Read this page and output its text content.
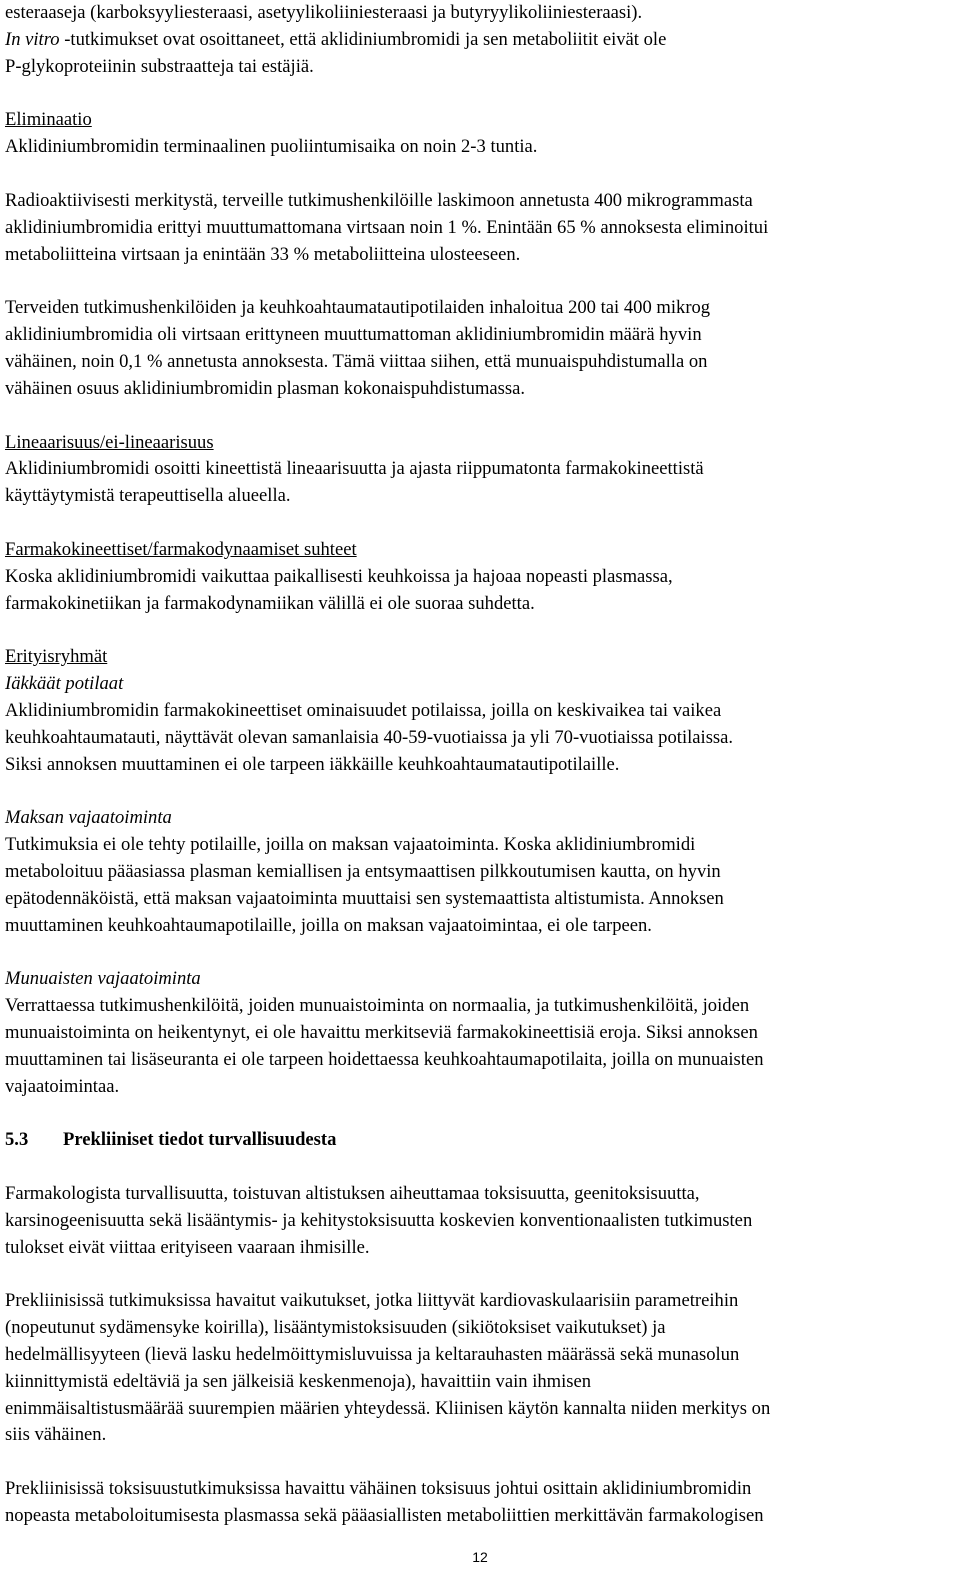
esteraaseja (karboksyyliesteraasi, asetyylikoliiniesteraasi ja butyryylikoliiniesteraasi).

In vitro -tutkimukset ovat osoittaneet, että aklidiniumbromidi ja sen metaboliitit eivät ole

P-glykoproteiinin substraatteja tai estäjiä.

Eliminaatio

Aklidiniumbromidin terminaalinen puoliintumisaika on noin 2-3 tuntia.

Radioaktiivisesti merkitystä, terveille tutkimushenkilöille laskimoon annetusta 400 mikrogrammasta

aklidiniumbromidia erittyi muuttumattomana virtsaan noin 1 %. Enintään 65 % annoksesta eliminoitui

metaboliitteina virtsaan ja enintään 33 % metaboliitteina ulosteeseen.

Terveiden tutkimushenkilöiden ja keuhkoahtaumatautipotilaiden inhaloitua 200 tai 400 mikrog

aklidiniumbromidia oli virtsaan erittyneen muuttumattoman aklidiniumbromidin määrä hyvin

vähäinen, noin 0,1 % annetusta annoksesta. Tämä viittaa siihen, että munuaispuhdistumalla on

vähäinen osuus aklidiniumbromidin plasman kokonaispuhdistumassa.

Lineaarisuus/ei-lineaarisuus

Aklidiniumbromidi osoitti kineettistä lineaarisuutta ja ajasta riippumatonta farmakokineettistä

käyttäytymistä terapeuttisella alueella.

Farmakokineettiset/farmakodynaamiset suhteet

Koska aklidiniumbromidi vaikuttaa paikallisesti keuhkoissa ja hajoaa nopeasti plasmassa,

farmakokinetiikan ja farmakodynamiikan välillä ei ole suoraa suhdetta.

Erityisryhmät

Iäkkäät potilaat

Aklidiniumbromidin farmakokineettiset ominaisuudet potilaissa, joilla on keskivaikea tai vaikea

keuhkoahtaumatauti, näyttävät olevan samanlaisia 40-59-vuotiaissa ja yli 70-vuotiaissa potilaissa.

Siksi annoksen muuttaminen ei ole tarpeen iäkkäille keuhkoahtaumatautipotilaille.

Maksan vajaatoiminta

Tutkimuksia ei ole tehty potilaille, joilla on maksan vajaatoiminta. Koska aklidiniumbromidi

metaboloituu pääasiassa plasman kemiallisen ja entsymaattisen pilkkoutumisen kautta, on hyvin

epätodennäköistä, että maksan vajaatoiminta muuttaisi sen systemaattista altistumista. Annoksen

muuttaminen keuhkoahtaumapotilaille, joilla on maksan vajaatoimintaa, ei ole tarpeen.

Munuaisten vajaatoiminta

Verrattaessa tutkimushenkilöitä, joiden munuaistoiminta on normaalia, ja tutkimushenkilöitä, joiden

munuaistoiminta on heikentynyt, ei ole havaittu merkitseviä farmakokineettisiä eroja. Siksi annoksen

muuttaminen tai lisäseuranta ei ole tarpeen hoidettaessa keuhkoahtaumapotilaita, joilla on munuaisten

vajaatoimintaa.

5.3 Prekliiniset tiedot turvallisuudesta

Farmakologista turvallisuutta, toistuvan altistuksen aiheuttamaa toksisuutta, geenitoksisuutta,

karsinogeenisuutta sekä lisääntymis- ja kehitystoksisuutta koskevien konventionaalisten tutkimusten

tulokset eivät viittaa erityiseen vaaraan ihmisille.

Prekliinisissä tutkimuksissa havaitut vaikutukset, jotka liittyvät kardiovaskulaarisiin parametreihin

(nopeutunut sydämensyke koirilla), lisääntymistoksisuuden (sikiötoksiset vaikutukset) ja

hedelmällisyyteen (lievä lasku hedelmöittymisluvuissa ja keltarauhasten määrässä sekä munasolun

kiinnittymistä edeltäviä ja sen jälkeisiä keskenmenoja), havaittiin vain ihmisen

enimmäisaltistusmäärää suurempien määrien yhteydessä. Kliinisen käytön kannalta niiden merkitys on

siis vähäinen.

Prekliinisissä toksisuustutkimuksissa havaittu vähäinen toksisuus johtui osittain aklidiniumbromidin

nopeasta metaboloitumisesta plasmassa sekä pääasiallisten metaboliittien merkittävän farmakologisen

12
